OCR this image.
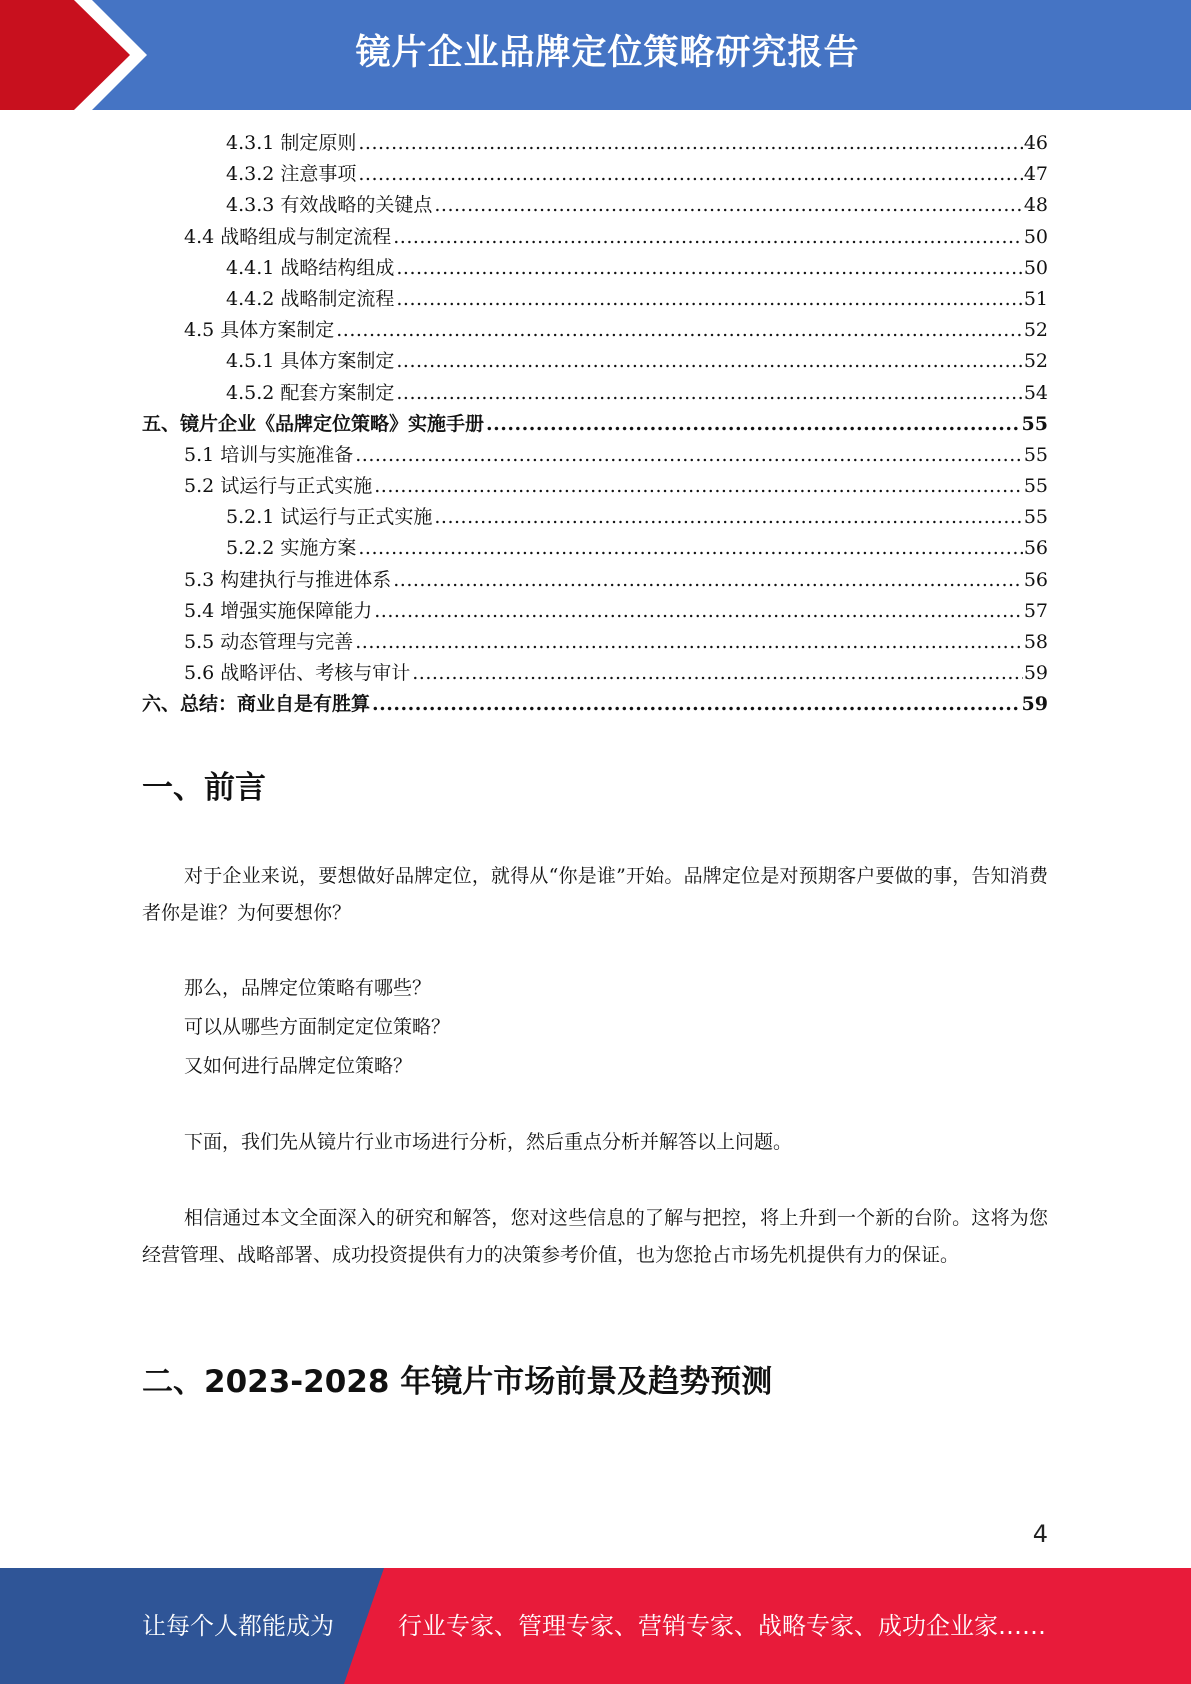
镜片企业品牌定位策略研究报告
4.3.1 制定原则 .....	46
4.3.2 注意事项 .....	47
4.3.3 有效战略的关键点 .....	48
4.4 战略组成与制定流程 .....	50
4.4.1 战略结构组成 .....	50
4.4.2 战略制定流程 .....	51
4.5 具体方案制定 .....	52
4.5.1 具体方案制定 .....	52
4.5.2 配套方案制定 .....	54
五、镜片企业《品牌定位策略》实施手册 .....	55
5.1 培训与实施准备 .....	55
5.2 试运行与正式实施 .....	55
5.2.1 试运行与正式实施 .....	55
5.2.2 实施方案 .....	56
5.3 构建执行与推进体系 .....	56
5.4 增强实施保障能力 .....	57
5.5 动态管理与完善 .....	58
5.6 战略评估、考核与审计 .....	59
六、总结：商业自是有胜算 .....	59
一、前言

对于企业来说，要想做好品牌定位，就得从“你是谁”开始。品牌定位是对预期客户要做的事，告知消费者你是谁？为何要想你？

那么，品牌定位策略有哪些？

可以从哪些方面制定定位策略？

又如何进行品牌定位策略？

下面，我们先从镜片行业市场进行分析，然后重点分析并解答以上问题。

相信通过本文全面深入的研究和解答，您对这些信息的了解与把控，将上升到一个新的台阶。这将为您经营管理、战略部署、成功投资提供有力的决策参考价值，也为您抢占市场先机提供有力的保证。

二、2023-2028 年镜片市场前景及趋势预测
4
让每个人都能成为	行业专家、管理专家、营销专家、战略专家、成功企业家……
